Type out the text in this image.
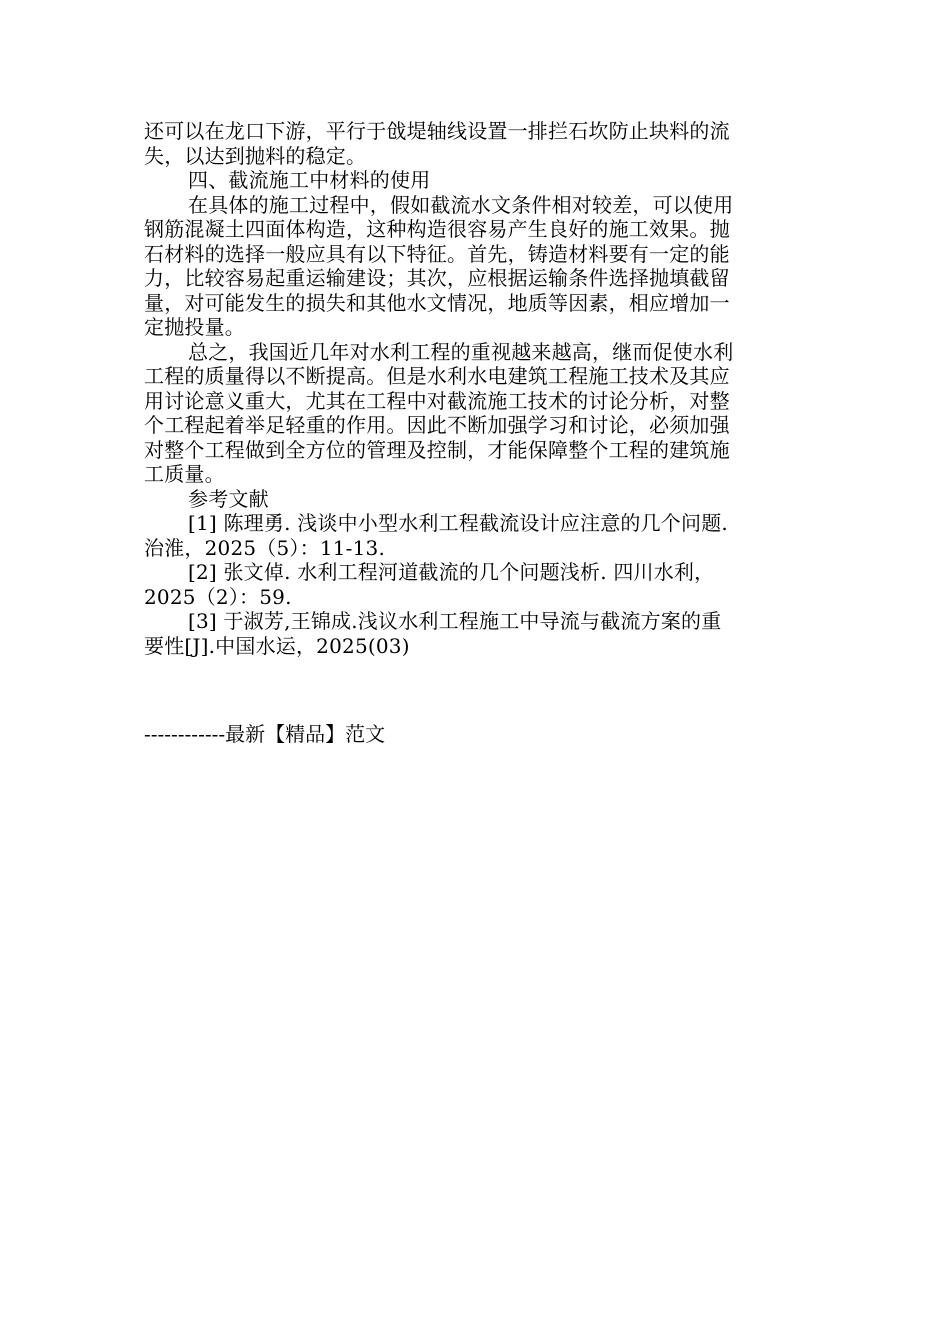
还可以在龙口下游，平行于戗堤轴线设置一排拦石坎防止块料的流

失，以达到抛料的稳定。

四、截流施工中材料的使用

在具体的施工过程中，假如截流水文条件相对较差，可以使用

钢筋混凝土四面体构造，这种构造很容易产生良好的施工效果。抛

石材料的选择一般应具有以下特征。首先，铸造材料要有一定的能

力，比较容易起重运输建设；其次，应根据运输条件选择抛填截留

量，对可能发生的损失和其他水文情况，地质等因素，相应增加一

定抛投量。

总之，我国近几年对水利工程的重视越来越高，继而促使水利

工程的质量得以不断提高。但是水利水电建筑工程施工技术及其应

用讨论意义重大，尤其在工程中对截流施工技术的讨论分析，对整

个工程起着举足轻重的作用。因此不断加强学习和讨论，必须加强

对整个工程做到全方位的管理及控制，才能保障整个工程的建筑施

工质量。

参考文献

[1] 陈理勇. 浅谈中小型水利工程截流设计应注意的几个问题.

治淮，2025（5）：11-13.

[2] 张文倬. 水利工程河道截流的几个问题浅析. 四川水利，

2025（2）：59.

[3] 于淑芳,王锦成.浅议水利工程施工中导流与截流方案的重

要性[J].中国水运，2025(03)

------------最新【精品】范文
